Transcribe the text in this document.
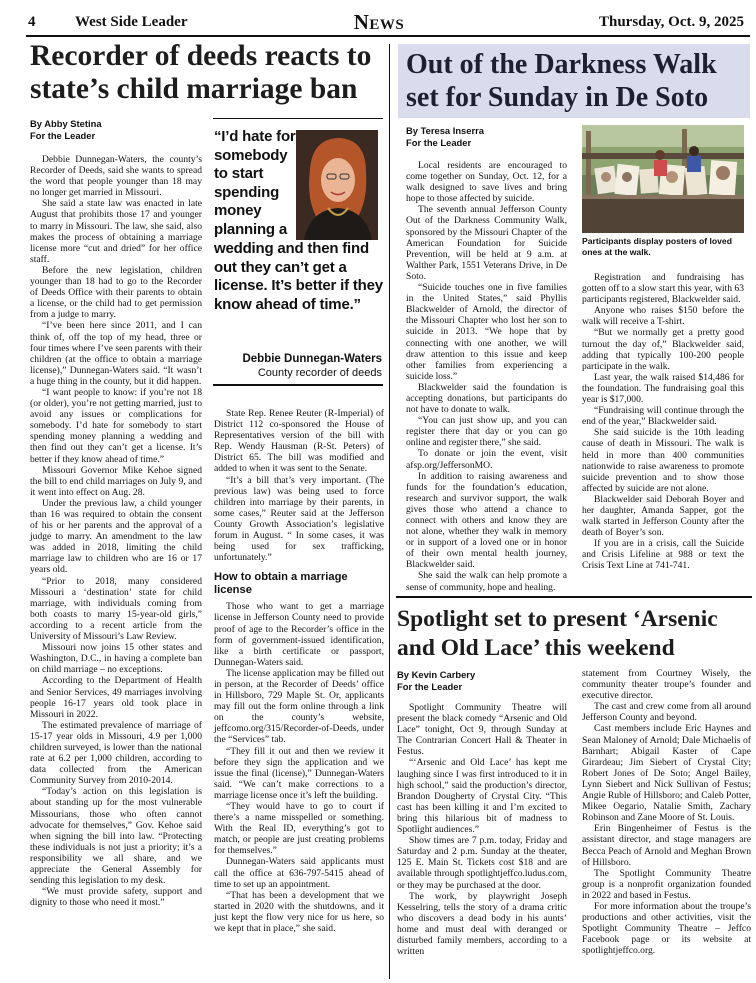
4	West Side Leader	News	Thursday, Oct. 9, 2025
Recorder of deeds reacts to state’s child marriage ban
By Abby Stetina
For the Leader

Debbie Dunnegan-Waters, the county’s Recorder of Deeds, said she wants to spread the word that people younger than 18 may no longer get married in Missouri.

She said a state law was enacted in late August that prohibits those 17 and younger to marry in Missouri. The law, she said, also makes the process of obtaining a marriage license more “cut and dried” for her office staff.

Before the new legislation, children younger than 18 had to go to the Recorder of Deeds Office with their parents to obtain a license, or the child had to get permission from a judge to marry.

“I’ve been here since 2011, and I can think of, off the top of my head, three or four times where I’ve seen parents with their children (at the office to obtain a marriage license),” Dunnegan-Waters said. “It wasn’t a huge thing in the county, but it did happen.

“I want people to know: if you’re not 18 (or older), you’re not getting married, just to avoid any issues or complications for somebody. I’d hate for somebody to start spending money planning a wedding and then find out they can’t get a license. It’s better if they know ahead of time.”

Missouri Governor Mike Kehoe signed the bill to end child marriages on July 9, and it went into effect on Aug. 28.

Under the previous law, a child younger than 16 was required to obtain the consent of his or her parents and the approval of a judge to marry. An amendment to the law was added in 2018, limiting the child marriage law to children who are 16 or 17 years old.

“Prior to 2018, many considered Missouri a ‘destination’ state for child marriage, with individuals coming from both coasts to marry 15-year-old girls,” according to a recent article from the University of Missouri’s Law Review.

Missouri now joins 15 other states and Washington, D.C., in having a complete ban on child marriage – no exceptions.

According to the Department of Health and Senior Services, 49 marriages involving people 16-17 years old took place in Missouri in 2022.

The estimated prevalence of marriage of 15-17 year olds in Missouri, 4.9 per 1,000 children surveyed, is lower than the national rate at 6.2 per 1,000 children, according to data collected from the American Community Survey from 2010-2014.

“Today’s action on this legislation is about standing up for the most vulnerable Missourians, those who often cannot advocate for themselves,” Gov. Kehoe said when signing the bill into law. “Protecting these individuals is not just a priority; it’s a responsibility we all share, and we appreciate the General Assembly for sending this legislation to my desk.

“We must provide safety, support and dignity to those who need it most.”

“I’d hate for somebody to start spending money planning a
wedding and then find out they can’t get a license. It’s better if they know ahead of time.”
Debbie Dunnegan-Waters
County recorder of deeds

State Rep. Renee Reuter (R-Imperial) of District 112 co-sponsored the House of Representatives version of the bill with Rep. Wendy Hausman (R-St. Peters) of District 65. The bill was modified and added to when it was sent to the Senate.

“It’s a bill that’s very important. (The previous law) was being used to force children into marriage by their parents, in some cases,” Reuter said at the Jefferson County Growth Association’s legislative forum in August. “ In some cases, it was being used for sex trafficking, unfortunately.”

How to obtain a marriage license

Those who want to get a marriage license in Jefferson County need to provide proof of age to the Recorder’s office in the form of government-issued identification, like a birth certificate or passport, Dunnegan-Waters said.

The license application may be filled out in person, at the Recorder of Deeds’ office in Hillsboro, 729 Maple St. Or, applicants may fill out the form online through a link on the county’s website, jeffcomo.org/315/Recorder-of-Deeds, under the “Services” tab.

“They fill it out and then we review it before they sign the application and we issue the final (license),” Dunnegan-Waters said. “We can’t make corrections to a marriage license once it’s left the building.

“They would have to go to court if there’s a name misspelled or something. With the Real ID, everything’s got to match, or people are just creating problems for themselves.”

Dunnegan-Waters said applicants must call the office at 636-797-5415 ahead of time to set up an appointment.

“That has been a development that we started in 2020 with the shutdowns, and it just kept the flow very nice for us here, so we kept that in place,” she said.

Out of the Darkness Walk set for Sunday in De Soto
By Teresa Inserra
For the Leader

Local residents are encouraged to come together on Sunday, Oct. 12, for a walk designed to save lives and bring hope to those affected by suicide.

The seventh annual Jefferson County Out of the Darkness Community Walk, sponsored by the Missouri Chapter of the American Foundation for Suicide Prevention, will be held at 9 a.m. at Walther Park, 1551 Veterans Drive, in De Soto.

“Suicide touches one in five families in the United States,” said Phyllis Blackwelder of Arnold, the director of the Missouri Chapter who lost her son to suicide in 2013. “We hope that by connecting with one another, we will draw attention to this issue and keep other families from experiencing a suicide loss.”

Blackwelder said the foundation is accepting donations, but participants do not have to donate to walk.

“You can just show up, and you can register there that day or you can go online and register there,” she said.

To donate or join the event, visit afsp.org/JeffersonMO.

In addition to raising awareness and funds for the foundation’s education, research and survivor support, the walk gives those who attend a chance to connect with others and know they are not alone, whether they walk in memory or in support of a loved one or in honor of their own mental health journey, Blackwelder said.

She said the walk can help promote a sense of community, hope and healing.

Participants display posters of loved ones at the walk.

Registration and fundraising has gotten off to a slow start this year, with 63 participants registered, Blackwelder said.

Anyone who raises $150 before the walk will receive a T-shirt.

“But we normally get a pretty good turnout the day of,” Blackwelder said, adding that typically 100-200 people participate in the walk.

Last year, the walk raised $14,486 for the foundation. The fundraising goal this year is $17,000.

“Fundraising will continue through the end of the year,” Blackwelder said.

She said suicide is the 10th leading cause of death in Missouri. The walk is held in more than 400 communities nationwide to raise awareness to promote suicide prevention and to show those affected by suicide are not alone.

Blackwelder said Deborah Boyer and her daughter, Amanda Sapper, got the walk started in Jefferson County after the death of Boyer’s son.

If you are in a crisis, call the Suicide and Crisis Lifeline at 988 or text the Crisis Text Line at 741-741.

Spotlight set to present ‘Arsenic and Old Lace’ this weekend
By Kevin Carbery
For the Leader

Spotlight Community Theatre will present the black comedy “Arsenic and Old Lace” tonight, Oct 9, through Sunday at The Contrarian Concert Hall & Theater in Festus.

“‘Arsenic and Old Lace’ has kept me laughing since I was first introduced to it in high school,” said the production’s director, Brandon Dougherty of Crystal City. “This cast has been killing it and I’m excited to bring this hilarious bit of madness to Spotlight audiences.”

Show times are 7 p.m. today, Friday and Saturday and 2 p.m. Sunday at the theater, 125 E. Main St. Tickets cost $18 and are available through spotlightjeffco.ludus.com, or they may be purchased at the door.

The work, by playwright Joseph Kesselring, tells the story of a drama critic who discovers a dead body in his aunts’ home and must deal with deranged or disturbed family members, according to a written

statement from Courtney Wisely, the community theater troupe’s founder and executive director.

The cast and crew come from all around Jefferson County and beyond.

Cast members include Eric Haynes and Sean Maloney of Arnold; Dale Michaelis of Barnhart; Abigail Kaster of Cape Girardeau; Jim Siebert of Crystal City; Robert Jones of De Soto; Angel Bailey, Lynn Siebert and Nick Sullivan of Festus; Angie Ruble of Hillsboro; and Caleb Potter, Mikee Oegario, Natalie Smith, Zachary Robinson and Zane Moore of St. Louis.

Erin Bingenheimer of Festus is the assistant director, and stage managers are Becca Peach of Arnold and Meghan Brown of Hillsboro.

The Spotlight Community Theatre group is a nonprofit organization founded in 2022 and based in Festus.

For more information about the troupe’s productions and other activities, visit the Spotlight Community Theatre – Jeffco Facebook page or its website at spotlightjeffco.org.
